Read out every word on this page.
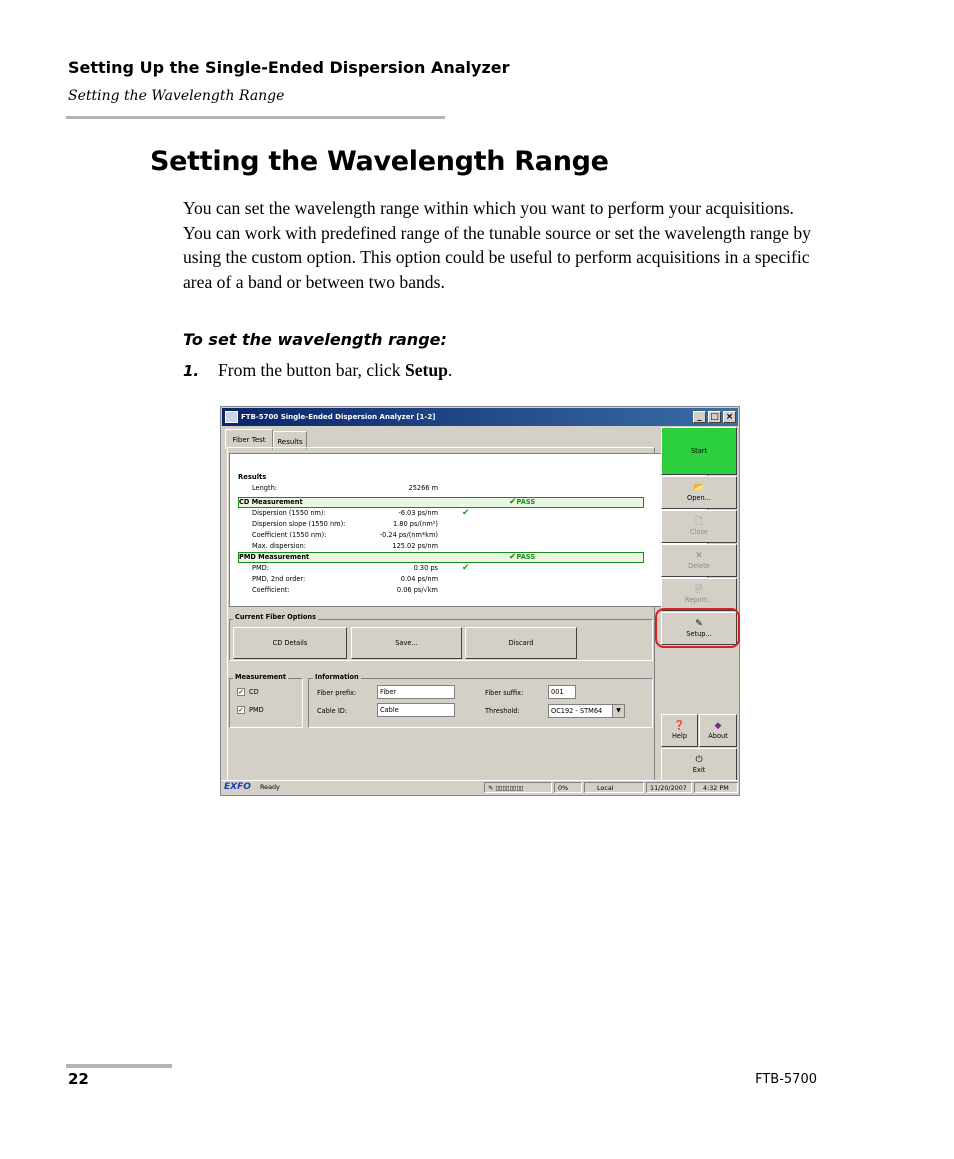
Setting Up the Single-Ended Dispersion Analyzer
Setting the Wavelength Range
Setting the Wavelength Range
You can set the wavelength range within which you want to perform your acquisitions. You can work with predefined range of the tunable source or set the wavelength range by using the custom option. This option could be useful to perform acquisitions in a specific area of a band or between two bands.
To set the wavelength range:
1. From the button bar, click Setup.
FTB-5700 Single-Ended Dispersion Analyzer [1-2]	_ □ ×
Fiber Test	Results
Results
Length:	25266 m
CD Measurement	✔PASS
Dispersion (1550 nm):	-6.03 ps/nm	✔
Dispersion slope (1550 nm):	1.80 ps/(nm²)
Coefficient (1550 nm):	-0.24 ps/(nm*km)
Max. dispersion:	125.02 ps/nm
PMD Measurement	✔PASS
PMD:	0.30 ps	✔
PMD, 2nd order:	0.04 ps/nm
Coefficient:	0.06 ps/√km
Current Fiber Options
CD Details	Save...	Discard
Measurement
✓ CD
✓ PMD
Information
Fiber prefix:	Fiber
Cable ID:	Cable
Fiber suffix:	001
Threshold:	OC192 - STM64	▼
Start
📂
Open...
🗋
Close
✕
Delete
🖹
Report...
✎
Setup...
❓
Help
◆
About
⏻
Exit
EXFO Ready	✎ ▯▯▯▯▯▯▯▯	0%	Local	11/20/2007	4:32 PM
22	FTB-5700
